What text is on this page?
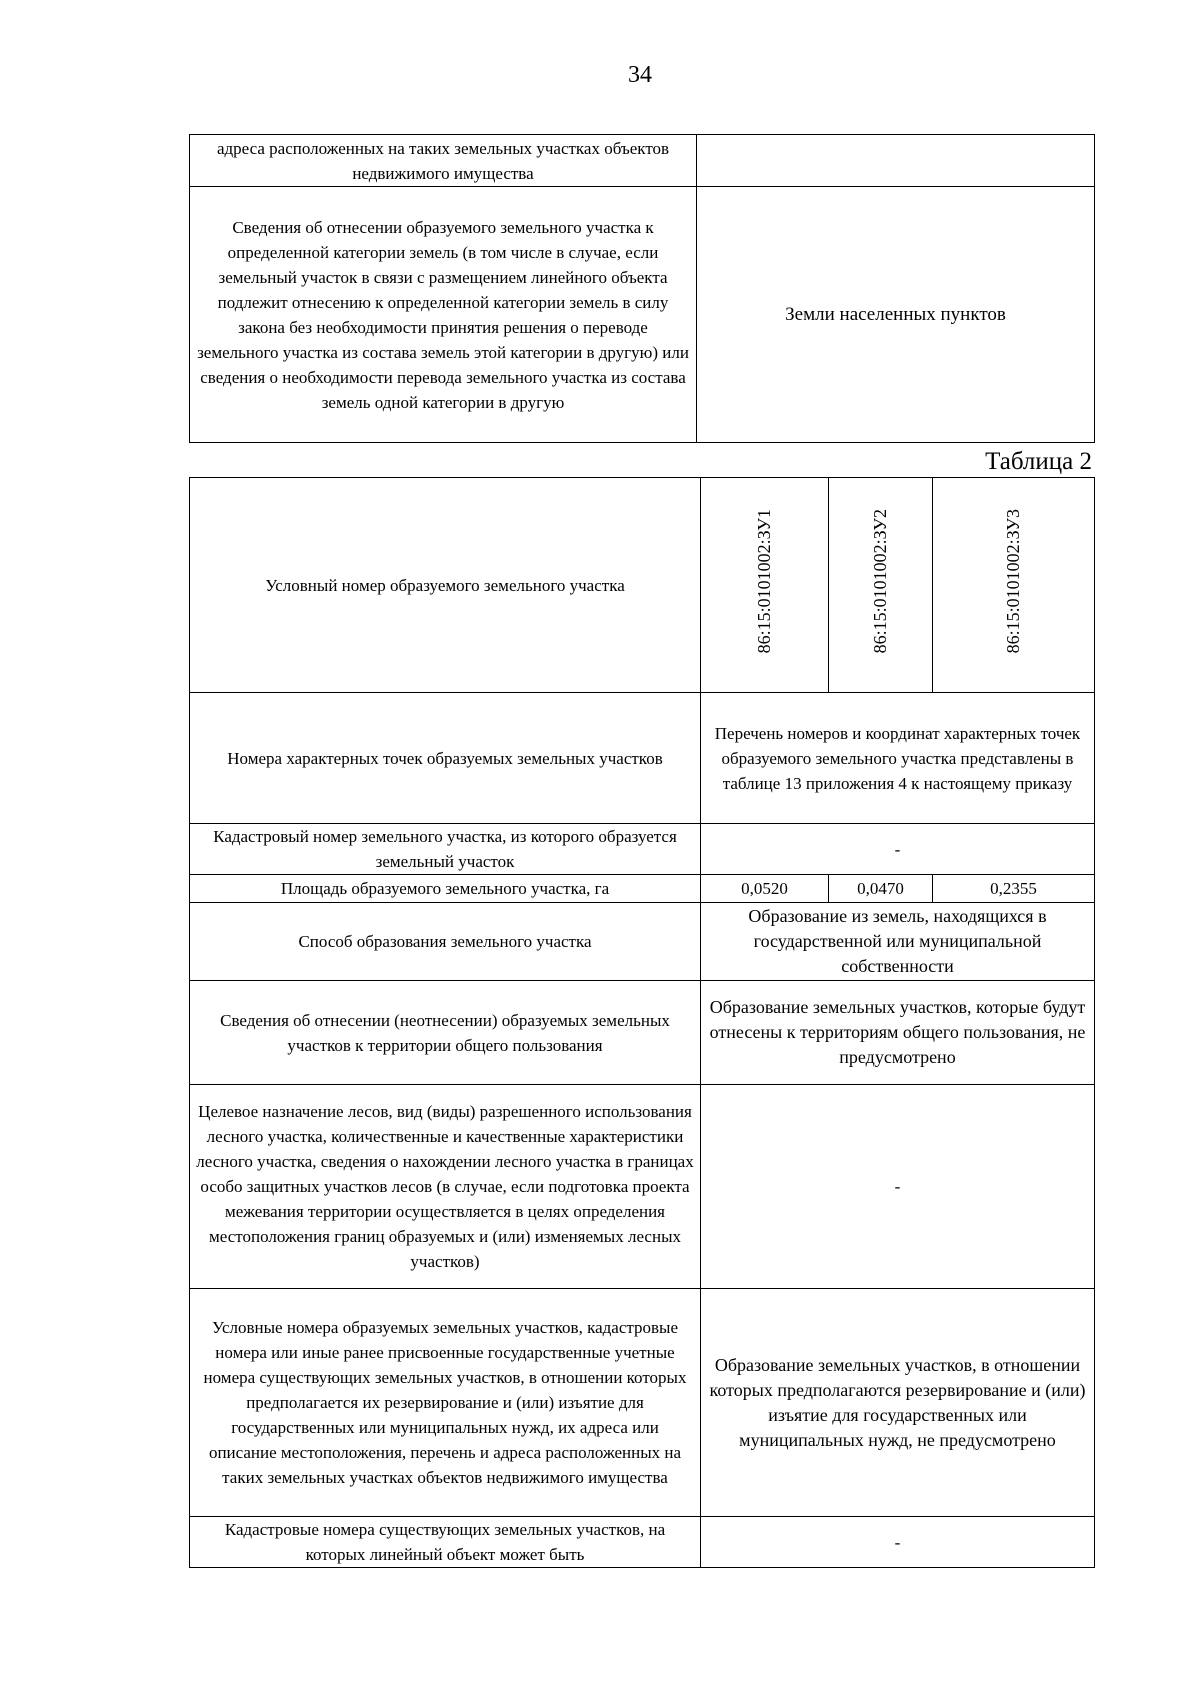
34
адреса расположенных на таких земельных участках объектов недвижимого имущества	
Сведения об отнесении образуемого земельного участка к определенной категории земель (в том числе в случае, если земельный участок в связи с размещением линейного объекта подлежит отнесению к определенной категории земель в силу закона без необходимости принятия решения о переводе земельного участка из состава земель этой категории в другую) или сведения о необходимости перевода земельного участка из состава земель одной категории в другую	Земли населенных пунктов
Таблица 2
Условный номер образуемого земельного участка	86:15:0101002:ЗУ1	86:15:0101002:ЗУ2	86:15:0101002:ЗУ3
Номера характерных точек образуемых земельных участков	Перечень номеров и координат характерных точек образуемого земельного участка представлены в таблице 13 приложения 4 к настоящему приказу		
Кадастровый номер земельного участка, из которого образуется земельный участок	-		
Площадь образуемого земельного участка, га	0,0520	0,0470	0,2355
Способ образования земельного участка	Образование из земель, находящихся в государственной или муниципальной собственности		
Сведения об отнесении (неотнесении) образуемых земельных участков к территории общего пользования	Образование земельных участков, которые будут отнесены к территориям общего пользования, не предусмотрено		
Целевое назначение лесов, вид (виды) разрешенного использования лесного участка, количественные и качественные характеристики лесного участка, сведения о нахождении лесного участка в границах особо защитных участков лесов (в случае, если подготовка проекта межевания территории осуществляется в целях определения местоположения границ образуемых и (или) изменяемых лесных участков)	-		
Условные номера образуемых земельных участков, кадастровые номера или иные ранее присвоенные государственные учетные номера существующих земельных участков, в отношении которых предполагается их резервирование и (или) изъятие для государственных или муниципальных нужд, их адреса или описание местоположения, перечень и адреса расположенных на таких земельных участках объектов недвижимого имущества	Образование земельных участков, в отношении которых предполагаются резервирование и (или) изъятие для государственных или муниципальных нужд, не предусмотрено		
Кадастровые номера существующих земельных участков, на которых линейный объект может быть	-		
